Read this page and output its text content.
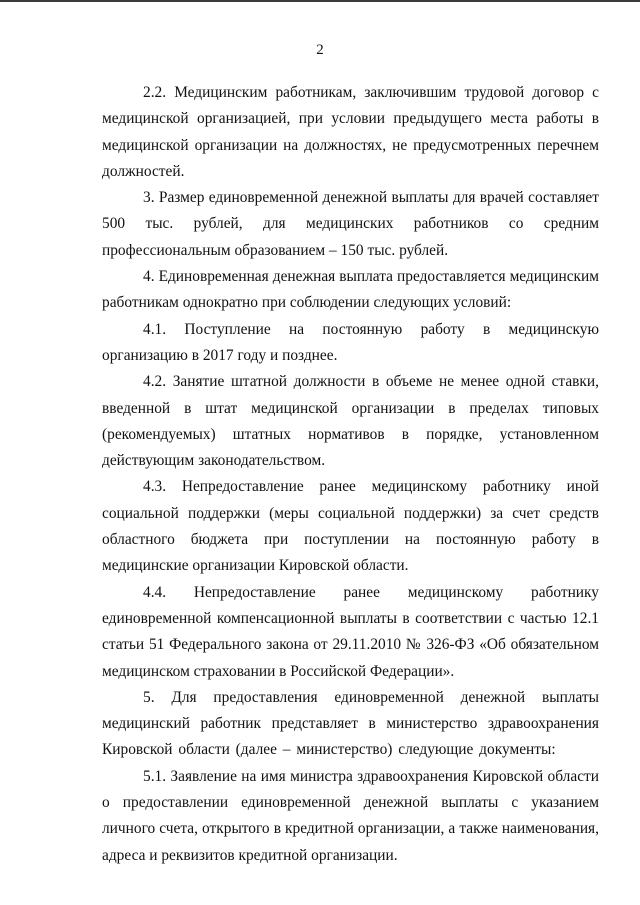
2

2.2. Медицинским работникам, заключившим трудовой договор с медицинской организацией, при условии предыдущего места работы в медицинской организации на должностях, не предусмотренных перечнем должностей.

3. Размер единовременной денежной выплаты для врачей составляет 500 тыс. рублей, для медицинских работников со средним профессиональным образованием – 150 тыс. рублей.

4. Единовременная денежная выплата предоставляется медицинским работникам однократно при соблюдении следующих условий:

4.1. Поступление на постоянную работу в медицинскую организацию в 2017 году и позднее.

4.2. Занятие штатной должности в объеме не менее одной ставки, введенной в штат медицинской организации в пределах типовых (рекомендуемых) штатных нормативов в порядке, установленном действующим законодательством.

4.3. Непредоставление ранее медицинскому работнику иной социальной поддержки (меры социальной поддержки) за счет средств областного бюджета при поступлении на постоянную работу в медицинские организации Кировской области.

4.4. Непредоставление ранее медицинскому работнику единовременной компенсационной выплаты в соответствии с частью 12.1 статьи 51 Федерального закона от 29.11.2010 № 326-ФЗ «Об обязательном медицинском страховании в Российской Федерации».

5. Для предоставления единовременной денежной выплаты медицинский работник представляет в министерство здравоохранения Кировской области (далее – министерство) следующие документы:

5.1. Заявление на имя министра здравоохранения Кировской области о предоставлении единовременной денежной выплаты с указанием личного счета, открытого в кредитной организации, а также наименования, адреса и реквизитов кредитной организации.
